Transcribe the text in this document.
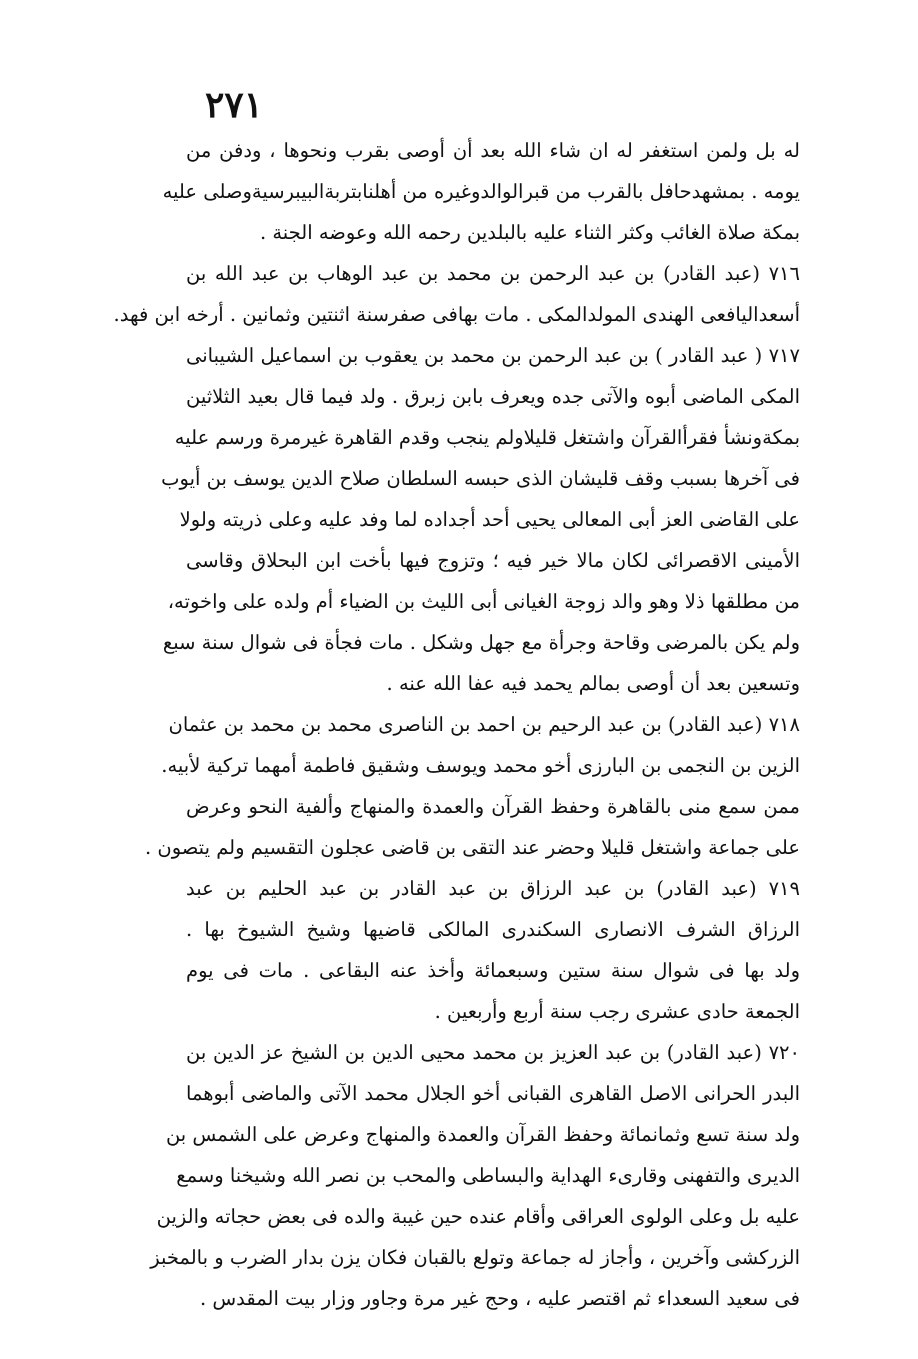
٢٧١
له بل ولمن استغفر له ان شاء الله بعد أن أوصى بقرب ونحوها ، ودفن من
يومه . بمشهدحافل بالقرب من قبرالوالدوغيره من أهلنابتربةالبيبرسيةوصلى عليه
بمكة صلاة الغائب وكثر الثناء عليه بالبلدين رحمه الله وعوضه الجنة .
٧١٦ (عبد القادر) بن عبد الرحمن بن محمد بن عبد الوهاب بن عبد الله بن
أسعداليافعى الهندى المولدالمكى . مات بهافى صفرسنة اثنتين وثمانين . أرخه ابن فهد.
٧١٧ ( عبد القادر ) بن عبد الرحمن بن محمد بن يعقوب بن اسماعيل الشيبانى
المكى الماضى أبوه والآتى جده ويعرف بابن زبرق . ولد فيما قال بعيد الثلاثين
بمكةونشأ فقرأالقرآن واشتغل قليلاولم ينجب وقدم القاهرة غيرمرة ورسم عليه
فى آخرها بسبب وقف قليشان الذى حبسه السلطان صلاح الدين يوسف بن أيوب
على القاضى العز أبى المعالى يحيى أحد أجداده لما وفد عليه وعلى ذريته ولولا
الأمينى الاقصرائى لكان مالا خير فيه ؛ وتزوج فيها بأخت ابن البحلاق وقاسى
من مطلقها ذلا وهو والد زوجة الغيانى أبى الليث بن الضياء أم ولده على واخوته،
ولم يكن بالمرضى وقاحة وجرأة مع جهل وشكل . مات فجأة فى شوال سنة سبع
وتسعين بعد أن أوصى بمالم يحمد فيه عفا الله عنه .
٧١٨ (عبد القادر) بن عبد الرحيم بن احمد بن الناصرى محمد بن محمد بن عثمان
الزين بن النجمى بن البارزى أخو محمد ويوسف وشقيق فاطمة أمهما تركية لأبيه.
ممن سمع منى بالقاهرة وحفظ القرآن والعمدة والمنهاج وألفية النحو وعرض
على جماعة واشتغل قليلا وحضر عند التقى بن قاضى عجلون التقسيم ولم يتصون .
٧١٩ (عبد القادر) بن عبد الرزاق بن عبد القادر بن عبد الحليم بن عبد
الرزاق الشرف الانصارى السكندرى المالكى قاضيها وشيخ الشيوخ بها .
ولد بها فى شوال سنة ستين وسبعمائة وأخذ عنه البقاعى . مات فى يوم
الجمعة حادى عشرى رجب سنة أربع وأربعين .
٧٢٠ (عبد القادر) بن عبد العزيز بن محمد محيى الدين بن الشيخ عز الدين بن
البدر الحرانى الاصل القاهرى القبانى أخو الجلال محمد الآتى والماضى أبوهما
ولد سنة تسع وثمانمائة وحفظ القرآن والعمدة والمنهاج وعرض على الشمس بن
الديرى والتفهنى وقارىء الهداية والبساطى والمحب بن نصر الله وشيخنا وسمع
عليه بل وعلى الولوى العراقى وأقام عنده حين غيبة والده فى بعض حجاته والزين
الزركشى وآخرين ، وأجاز له جماعة وتولع بالقبان فكان يزن بدار الضرب و بالمخبز
فى سعيد السعداء ثم اقتصر عليه ، وحج غير مرة وجاور وزار بيت المقدس .
